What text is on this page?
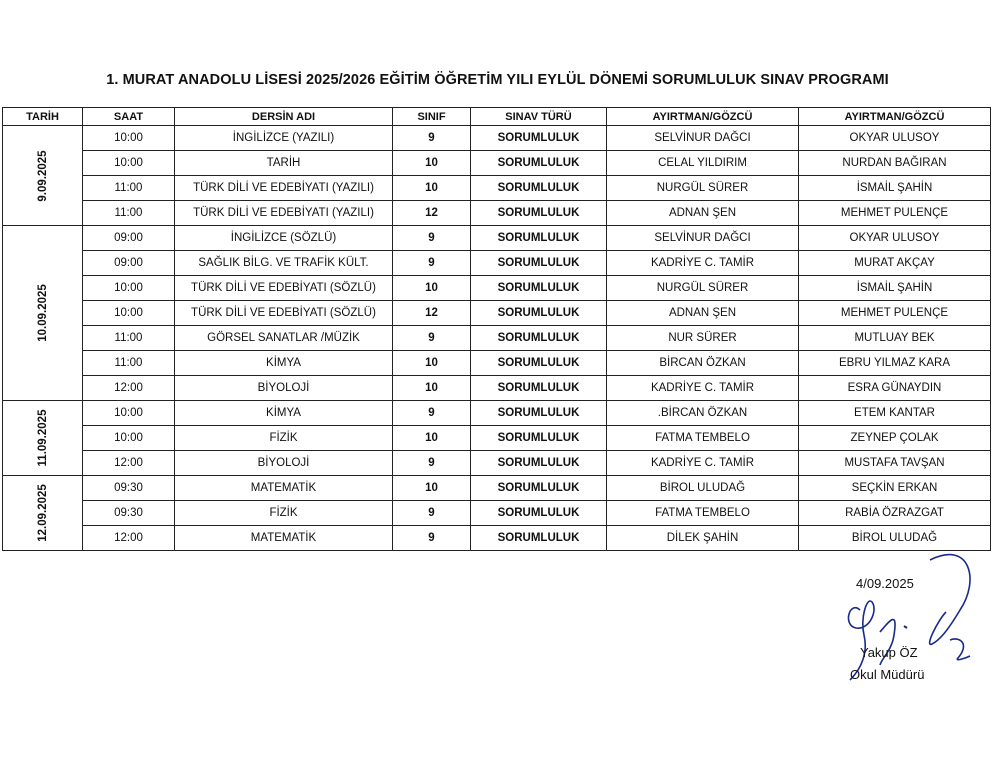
1. MURAT ANADOLU LİSESİ 2025/2026 EĞİTİM ÖĞRETİM YILI EYLÜL DÖNEMİ SORUMLULUK SINAV PROGRAMI
TARİH	SAAT	DERSİN ADI	SINIF	SINAV TÜRÜ	AYIRTMAN/GÖZCÜ	AYIRTMAN/GÖZCÜ

9.09.2025	10:00	İNGİLİZCE (YAZILI)	9	SORUMLULUK	SELVİNUR DAĞCI	OKYAR ULUSOY
	10:00	TARİH	10	SORUMLULUK	CELAL YILDIRIM	NURDAN BAĞIRAN
	11:00	TÜRK DİLİ VE EDEBİYATI (YAZILI)	10	SORUMLULUK	NURGÜL SÜRER	İSMAİL ŞAHİN
	11:00	TÜRK DİLİ VE EDEBİYATI (YAZILI)	12	SORUMLULUK	ADNAN ŞEN	MEHMET PULENÇE

10.09.2025	09:00	İNGİLİZCE (SÖZLÜ)	9	SORUMLULUK	SELVİNUR DAĞCI	OKYAR ULUSOY
	09:00	SAĞLIK BİLG. VE TRAFİK KÜLT.	9	SORUMLULUK	KADRİYE C. TAMİR	MURAT AKÇAY
	10:00	TÜRK DİLİ VE EDEBİYATI (SÖZLÜ)	10	SORUMLULUK	NURGÜL SÜRER	İSMAİL ŞAHİN
	10:00	TÜRK DİLİ VE EDEBİYATI (SÖZLÜ)	12	SORUMLULUK	ADNAN ŞEN	MEHMET PULENÇE
	11:00	GÖRSEL SANATLAR /MÜZİK	9	SORUMLULUK	NUR SÜRER	MUTLUAY BEK
	11:00	KİMYA	10	SORUMLULUK	BİRCAN ÖZKAN	EBRU YILMAZ KARA
	12:00	BİYOLOJİ	10	SORUMLULUK	KADRİYE C. TAMİR	ESRA GÜNAYDIN

11.09.2025	10:00	KİMYA	9	SORUMLULUK	.BİRCAN ÖZKAN	ETEM KANTAR
	10:00	FİZİK	10	SORUMLULUK	FATMA TEMBELO	ZEYNEP ÇOLAK
	12:00	BİYOLOJİ	9	SORUMLULUK	KADRİYE C. TAMİR	MUSTAFA TAVŞAN

12.09.2025	09:30	MATEMATİK	10	SORUMLULUK	BİROL ULUDAĞ	SEÇKİN ERKAN
	09:30	FİZİK	9	SORUMLULUK	FATMA TEMBELO	RABİA ÖZRAZGAT
	12:00	MATEMATİK	9	SORUMLULUK	DİLEK ŞAHİN	BİROL ULUDAĞ
4/09.2025
Yakup ÖZ
Okul Müdürü
